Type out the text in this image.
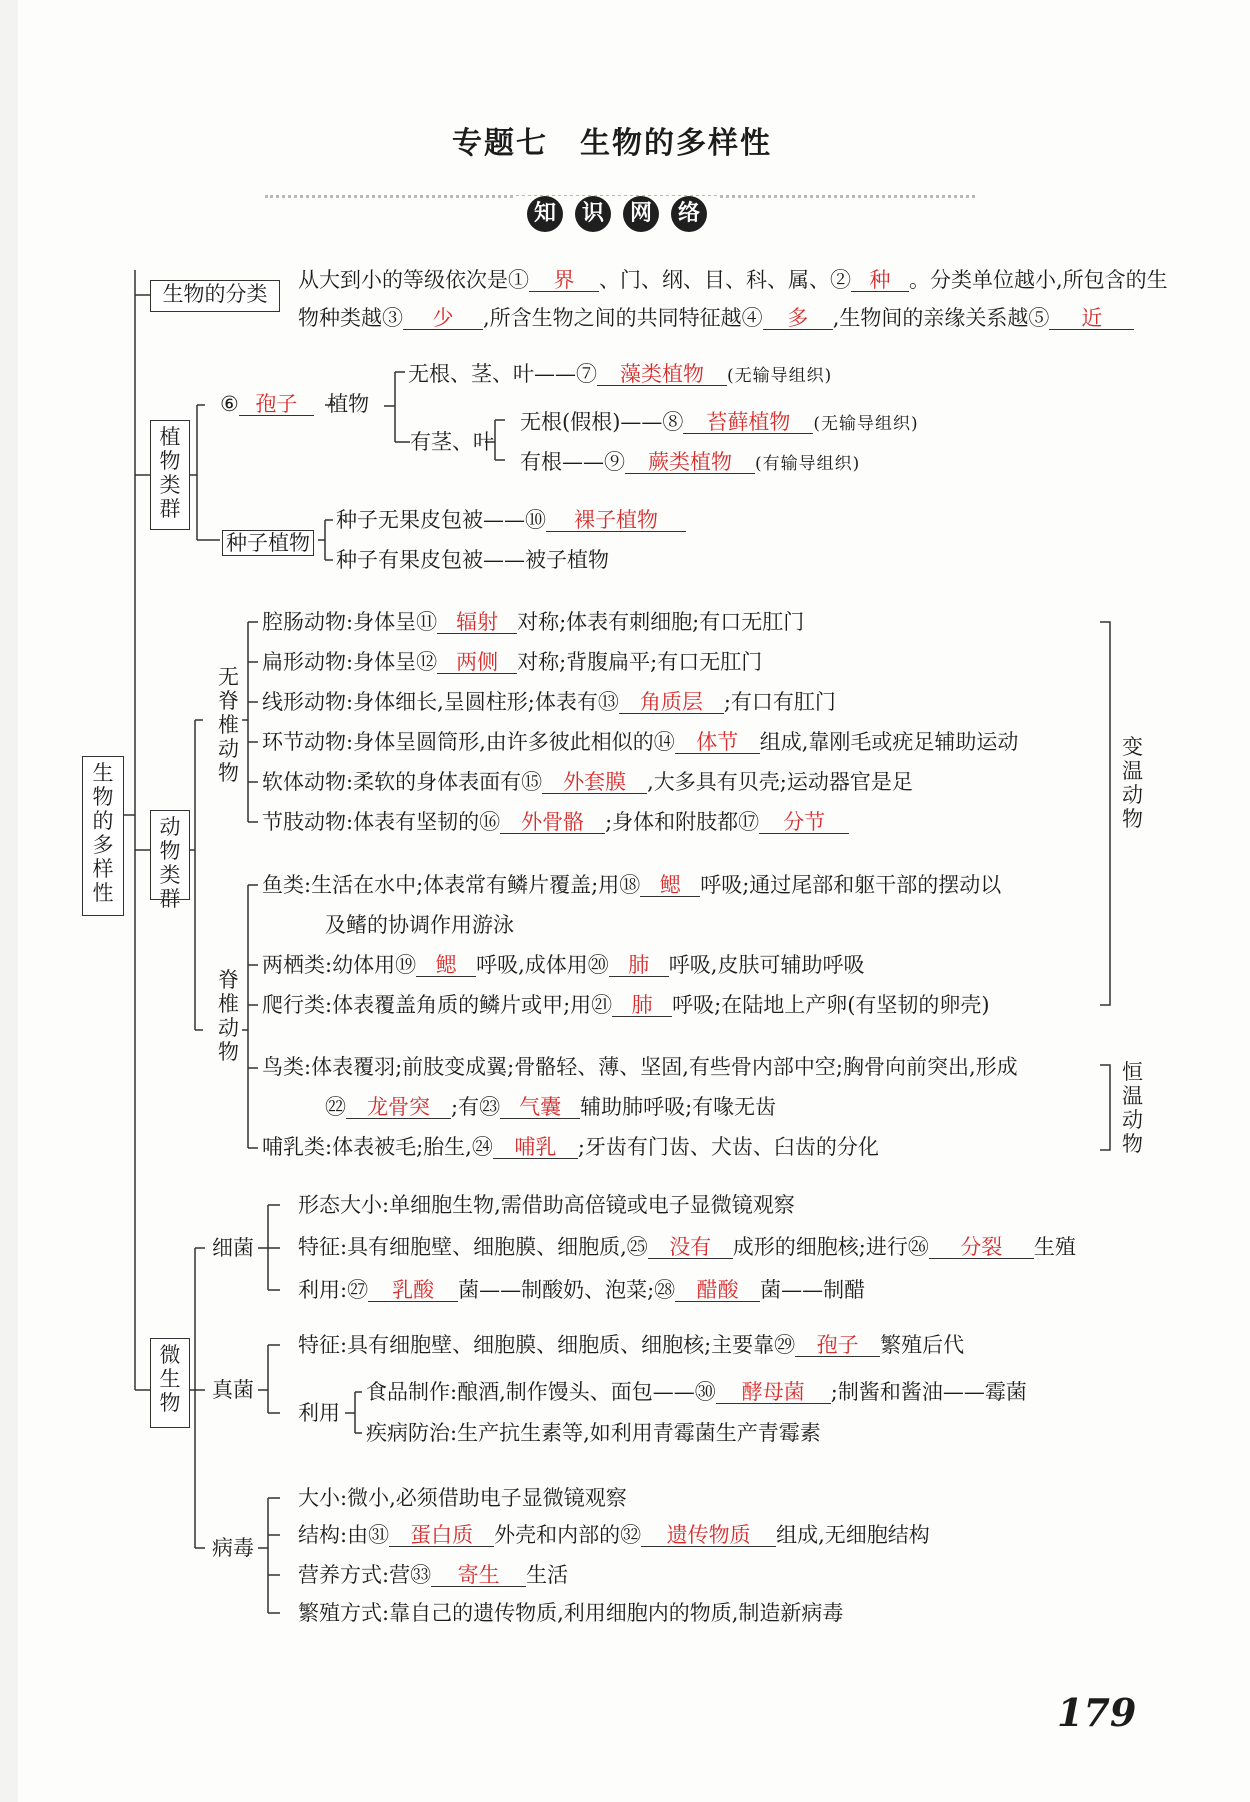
专题七　生物的多样性
知 识 网 络
生物的多样性
生物的分类
从大到小的等级依次是① 界 、门、纲、目、科、属、② 种 。分类单位越小,所包含的生
物种类越③ 少 ,所含生物之间的共同特征越④ 多 ,生物间的亲缘关系越⑤ 近
植物类群
⑥ 孢子 植物
无根、茎、叶——⑦ 藻类植物 (无输导组织)
有茎、叶
无根(假根)——⑧ 苔藓植物 (无输导组织)
有根——⑨ 蕨类植物 (有输导组织)
种子植物
种子无果皮包被——⑩ 裸子植物
种子有果皮包被——被子植物
动物类群
无脊椎动物
腔肠动物:身体呈⑪ 辐射 对称;体表有刺细胞;有口无肛门
扁形动物:身体呈⑫ 两侧 对称;背腹扁平;有口无肛门
线形动物:身体细长,呈圆柱形;体表有⑬ 角质层 ;有口有肛门
环节动物:身体呈圆筒形,由许多彼此相似的⑭ 体节 组成,靠刚毛或疣足辅助运动
软体动物:柔软的身体表面有⑮ 外套膜 ,大多具有贝壳;运动器官是足
节肢动物:体表有坚韧的⑯ 外骨骼 ;身体和附肢都⑰ 分节
脊椎动物
鱼类:生活在水中;体表常有鳞片覆盖;用⑱ 鳃 呼吸;通过尾部和躯干部的摆动以
及鳍的协调作用游泳
两栖类:幼体用⑲ 鳃 呼吸,成体用⑳ 肺 呼吸,皮肤可辅助呼吸
爬行类:体表覆盖角质的鳞片或甲;用㉑ 肺 呼吸;在陆地上产卵(有坚韧的卵壳)
鸟类:体表覆羽;前肢变成翼;骨骼轻、薄、坚固,有些骨内部中空;胸骨向前突出,形成
㉒ 龙骨突 ;有㉓ 气囊 辅助肺呼吸;有喙无齿
哺乳类:体表被毛;胎生,㉔ 哺乳 ;牙齿有门齿、犬齿、臼齿的分化
变温动物
恒温动物
微生物
细菌
形态大小:单细胞生物,需借助高倍镜或电子显微镜观察
特征:具有细胞壁、细胞膜、细胞质,㉕ 没有 成形的细胞核;进行㉖ 分裂 生殖
利用:㉗ 乳酸 菌——制酸奶、泡菜;㉘ 醋酸 菌——制醋
真菌
特征:具有细胞壁、细胞膜、细胞质、细胞核;主要靠㉙ 孢子 繁殖后代
利用
食品制作:酿酒,制作馒头、面包——㉚ 酵母菌 ;制酱和酱油——霉菌
疾病防治:生产抗生素等,如利用青霉菌生产青霉素
病毒
大小:微小,必须借助电子显微镜观察
结构:由㉛ 蛋白质 外壳和内部的㉜ 遗传物质 组成,无细胞结构
营养方式:营㉝ 寄生 生活
繁殖方式:靠自己的遗传物质,利用细胞内的物质,制造新病毒
179
